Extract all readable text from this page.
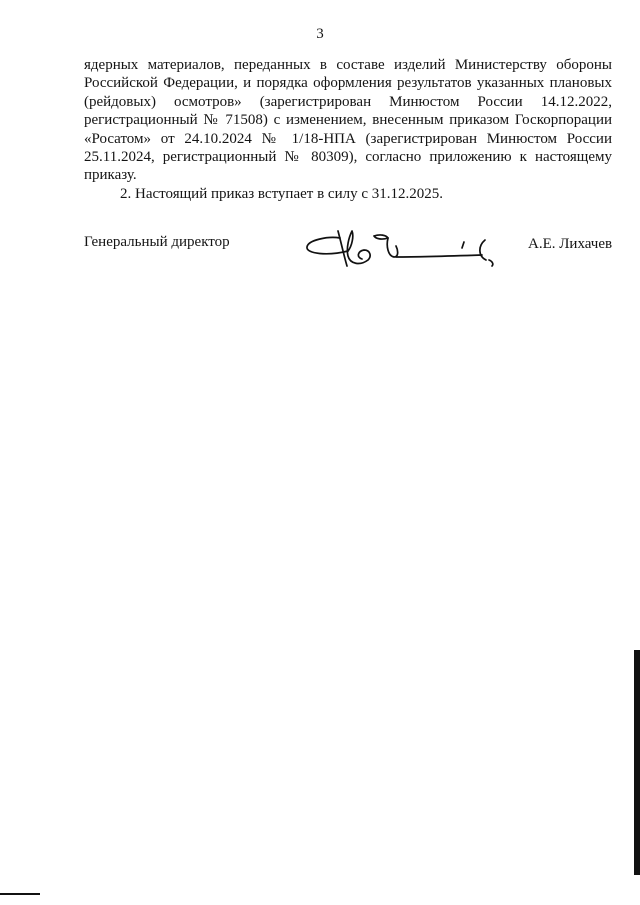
3
ядерных материалов, переданных в составе изделий Министерству обороны
Российской Федерации, и порядка оформления результатов указанных плановых
(рейдовых) осмотров» (зарегистрирован Минюстом России 14.12.2022,
регистрационный № 71508) с изменением, внесенным приказом Госкорпорации
«Росатом» от 24.10.2024 № 1/18-НПА (зарегистрирован Минюстом России
25.11.2024, регистрационный № 80309), согласно приложению к настоящему
приказу.
2. Настоящий приказ вступает в силу с 31.12.2025.
Генеральный директор	А.Е. Лихачев
